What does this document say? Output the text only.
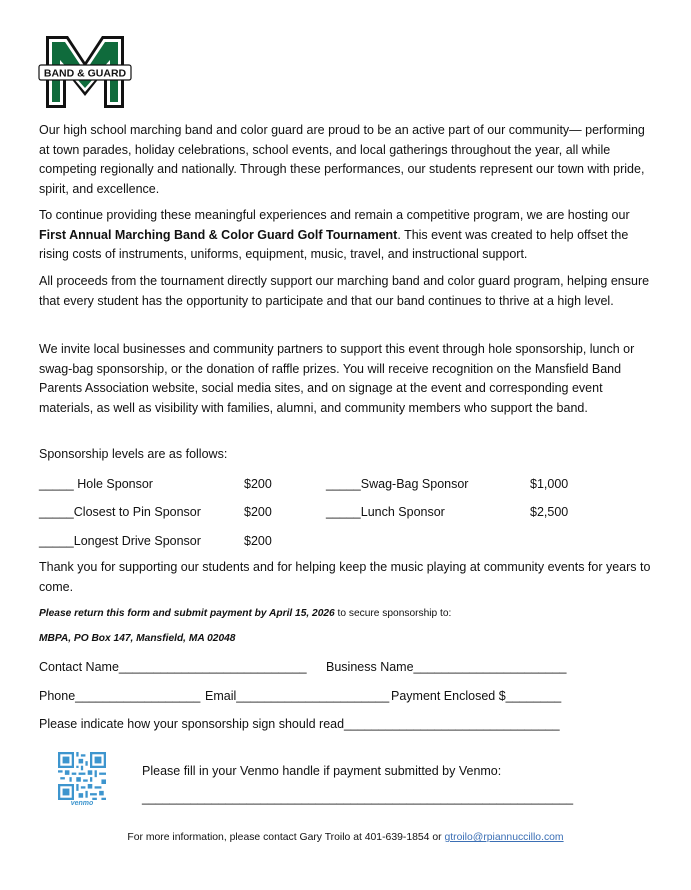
BAND & GUARD

Our high school marching band and color guard are proud to be an active part of our community— performing at town parades, holiday celebrations, school events, and local gatherings throughout the year, all while competing regionally and nationally. Through these performances, our students represent our town with pride, spirit, and excellence.

To continue providing these meaningful experiences and remain a competitive program, we are hosting our First Annual Marching Band & Color Guard Golf Tournament. This event was created to help offset the rising costs of instruments, uniforms, equipment, music, travel, and instructional support.

All proceeds from the tournament directly support our marching band and color guard program, helping ensure that every student has the opportunity to participate and that our band continues to thrive at a high level.

We invite local businesses and community partners to support this event through hole sponsorship, lunch or swag-bag sponsorship, or the donation of raffle prizes. You will receive recognition on the Mansfield Band Parents Association website, social media sites, and on signage at the event and corresponding event materials, as well as visibility with families, alumni, and community members who support the band.

Sponsorship levels are as follows:

_____ Hole Sponsor	$200	_____Swag-Bag Sponsor	$1,000
_____Closest to Pin Sponsor	$200	_____Lunch Sponsor	$2,500
_____Longest Drive Sponsor	$200

Thank you for supporting our students and for helping keep the music playing at community events for years to come.

Please return this form and submit payment by April 15, 2026 to secure sponsorship to:
MBPA, PO Box 147, Mansfield, MA 02048
Contact Name___________________________ Business Name______________________
Phone__________________ Email______________________ Payment Enclosed $________
Please indicate how your sponsorship sign should read_______________________________
venmo
Please fill in your Venmo handle if payment submitted by Venmo:
______________________________________________________________
For more information, please contact Gary Troilo at 401-639-1854 or gtroilo@rpiannuccillo.com
